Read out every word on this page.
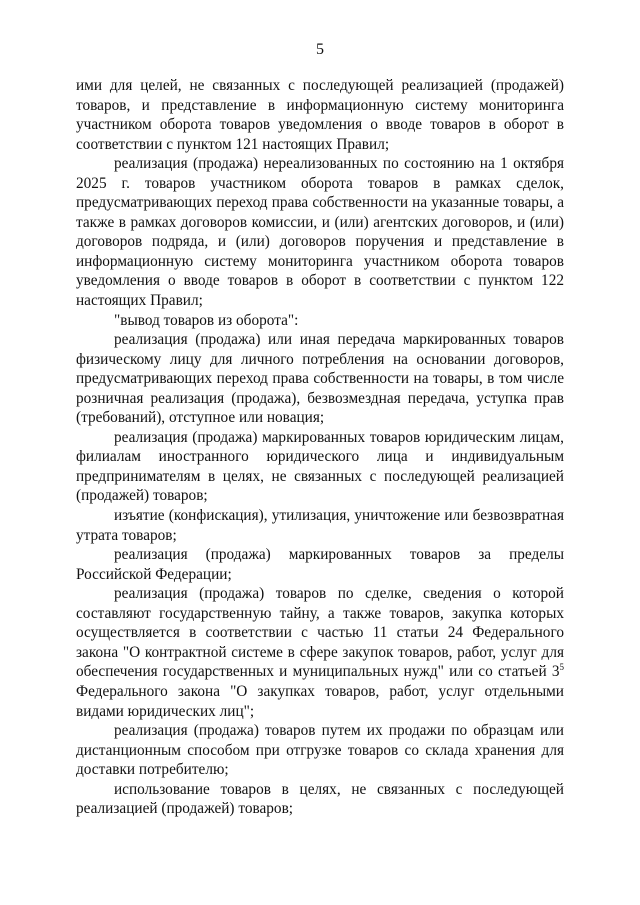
5

ими для целей, не связанных с последующей реализацией (продажей) товаров, и представление в информационную систему мониторинга участником оборота товаров уведомления о вводе товаров в оборот в соответствии с пунктом 121 настоящих Правил;

реализация (продажа) нереализованных по состоянию на 1 октября 2025 г. товаров участником оборота товаров в рамках сделок, предусматривающих переход права собственности на указанные товары, а также в рамках договоров комиссии, и (или) агентских договоров, и (или) договоров подряда, и (или) договоров поручения и представление в информационную систему мониторинга участником оборота товаров уведомления о вводе товаров в оборот в соответствии с пунктом 122 настоящих Правил;

"вывод товаров из оборота":

реализация (продажа) или иная передача маркированных товаров физическому лицу для личного потребления на основании договоров, предусматривающих переход права собственности на товары, в том числе розничная реализация (продажа), безвозмездная передача, уступка прав (требований), отступное или новация;

реализация (продажа) маркированных товаров юридическим лицам, филиалам иностранного юридического лица и индивидуальным предпринимателям в целях, не связанных с последующей реализацией (продажей) товаров;

изъятие (конфискация), утилизация, уничтожение или безвозвратная утрата товаров;

реализация (продажа) маркированных товаров за пределы Российской Федерации;

реализация (продажа) товаров по сделке, сведения о которой составляют государственную тайну, а также товаров, закупка которых осуществляется в соответствии с частью 11 статьи 24 Федерального закона "О контрактной системе в сфере закупок товаров, работ, услуг для обеспечения государственных и муниципальных нужд" или со статьей $3^5$ Федерального закона "О закупках товаров, работ, услуг отдельными видами юридических лиц";

реализация (продажа) товаров путем их продажи по образцам или дистанционным способом при отгрузке товаров со склада хранения для доставки потребителю;

использование товаров в целях, не связанных с последующей реализацией (продажей) товаров;
